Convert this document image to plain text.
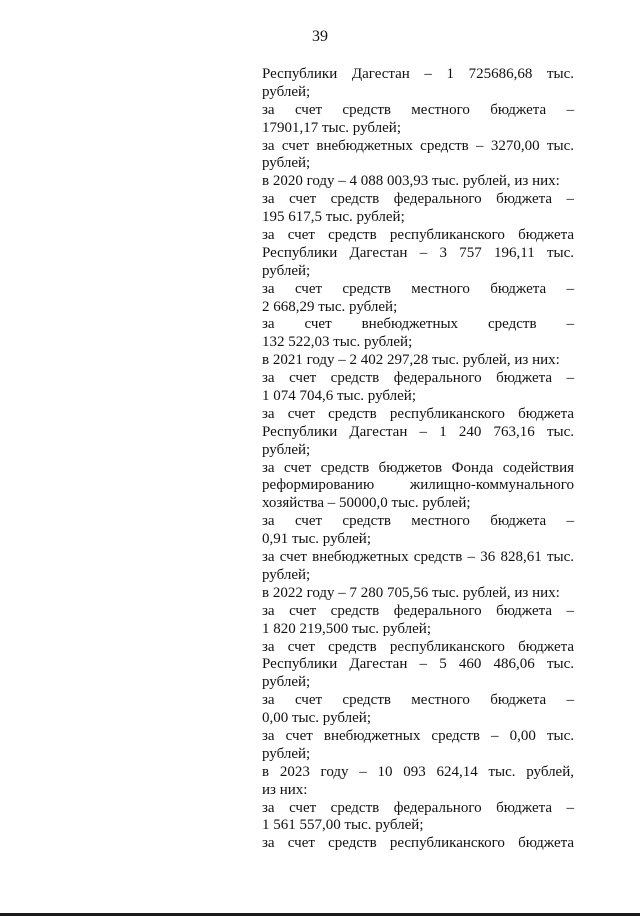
39
Республики Дагестан – 1 725686,68 тыс.
рублей;
за счет средств местного бюджета –
17901,17 тыс. рублей;
за счет внебюджетных средств – 3270,00 тыс.
рублей;
в 2020 году – 4 088 003,93 тыс. рублей, из них:
за счет средств федерального бюджета –
195 617,5 тыс. рублей;
за счет средств республиканского бюджета
Республики Дагестан – 3 757 196,11 тыс.
рублей;
за счет средств местного бюджета –
2 668,29 тыс. рублей;
за счет внебюджетных средств –
132 522,03 тыс. рублей;
в 2021 году – 2 402 297,28 тыс. рублей, из них:
за счет средств федерального бюджета –
1 074 704,6 тыс. рублей;
за счет средств республиканского бюджета
Республики Дагестан – 1 240 763,16 тыс.
рублей;
за счет средств бюджетов Фонда содействия
реформированию жилищно-коммунального
хозяйства – 50000,0 тыс. рублей;
за счет средств местного бюджета –
0,91 тыс. рублей;
за счет внебюджетных средств – 36 828,61 тыс.
рублей;
в 2022 году – 7 280 705,56 тыс. рублей, из них:
за счет средств федерального бюджета –
1 820 219,500 тыс. рублей;
за счет средств республиканского бюджета
Республики Дагестан – 5 460 486,06 тыс.
рублей;
за счет средств местного бюджета –
0,00 тыс. рублей;
за счет внебюджетных средств – 0,00 тыс.
рублей;
в 2023 году – 10 093 624,14 тыс. рублей,
из них:
за счет средств федерального бюджета –
1 561 557,00 тыс. рублей;
за счет средств республиканского бюджета
